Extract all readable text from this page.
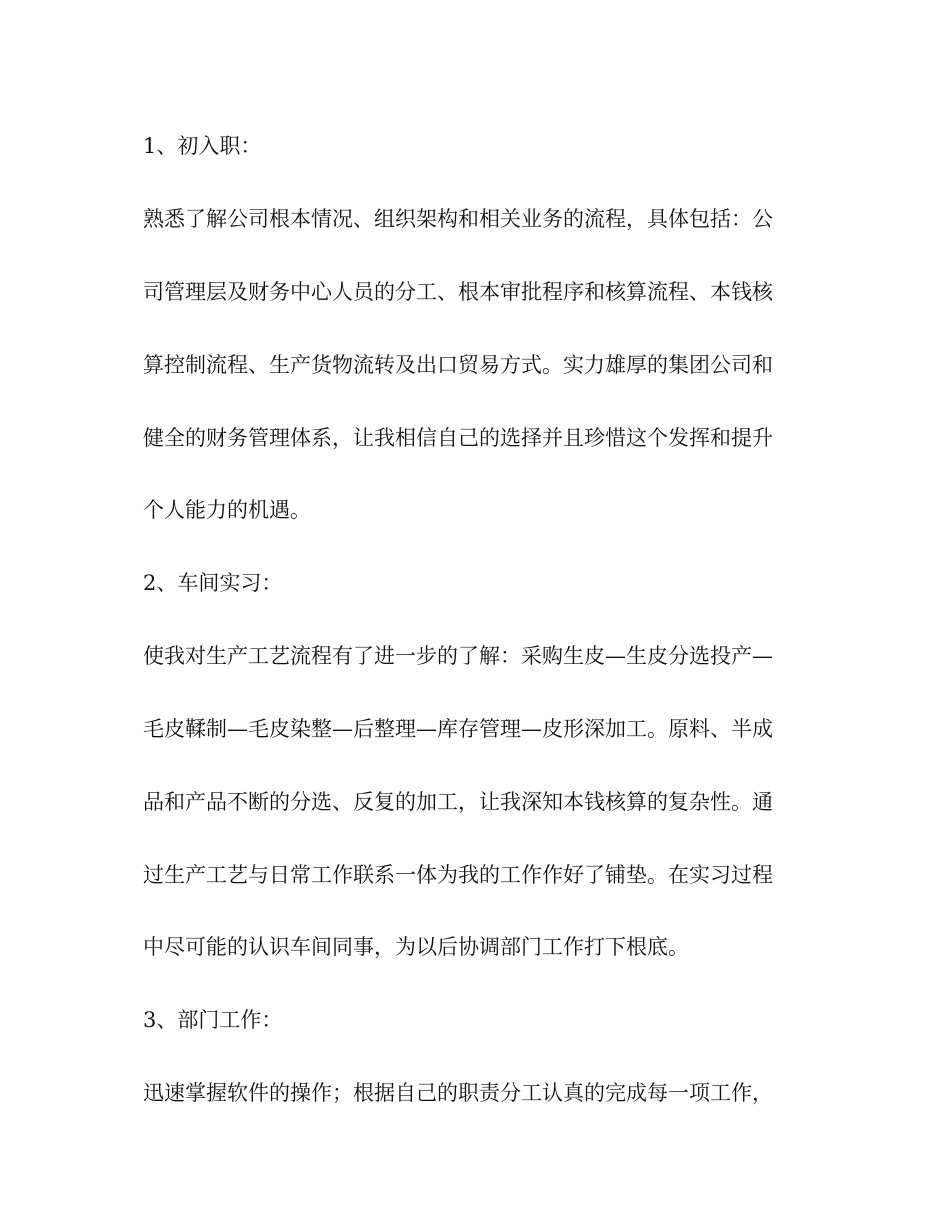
1、初入职：
熟悉了解公司根本情况、组织架构和相关业务的流程，具体包括：公
司管理层及财务中心人员的分工、根本审批程序和核算流程、本钱核
算控制流程、生产货物流转及出口贸易方式。实力雄厚的集团公司和
健全的财务管理体系，让我相信自己的选择并且珍惜这个发挥和提升
个人能力的机遇。
2、车间实习：
使我对生产工艺流程有了进一步的了解：采购生皮—生皮分选投产—
毛皮鞣制—毛皮染整—后整理—库存管理—皮形深加工。原料、半成
品和产品不断的分选、反复的加工，让我深知本钱核算的复杂性。通
过生产工艺与日常工作联系一体为我的工作作好了铺垫。在实习过程
中尽可能的认识车间同事，为以后协调部门工作打下根底。
3、部门工作：
迅速掌握软件的操作；根据自己的职责分工认真的完成每一项工作，
